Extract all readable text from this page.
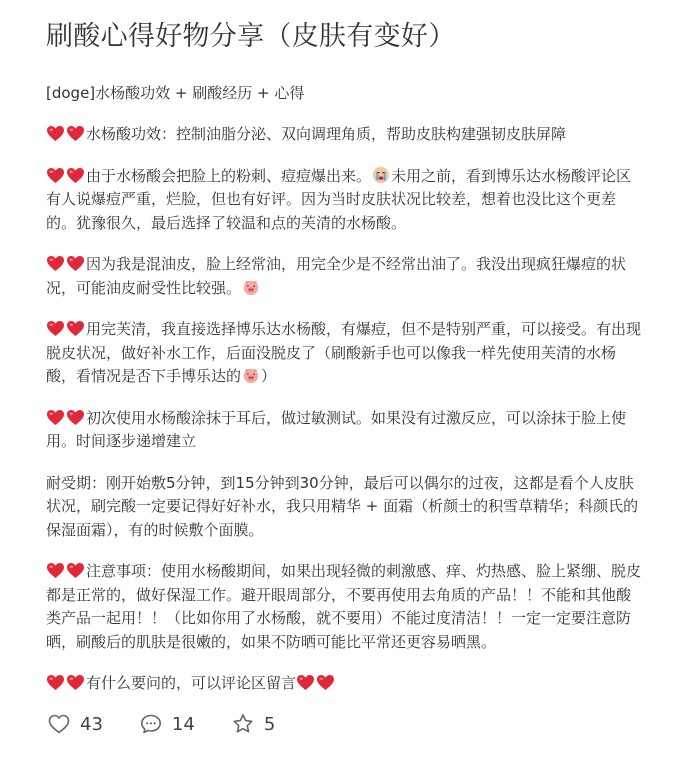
刷酸心得好物分享（皮肤有变好）
[doge]水杨酸功效 + 刷酸经历 + 心得

水杨酸功效：控制油脂分泌、双向调理角质，帮助皮肤构建强韧皮肤屏障

由于水杨酸会把脸上的粉刺、痘痘爆出来。 未用之前，看到博乐达水杨酸评论区有人说爆痘严重，烂脸，但也有好评。因为当时皮肤状况比较差，想着也没比这个更差的。犹豫很久，最后选择了较温和点的芙清的水杨酸。

因为我是混油皮，脸上经常油，用完全少是不经常出油了。我没出现疯狂爆痘的状况，可能油皮耐受性比较强。

用完芙清，我直接选择博乐达水杨酸，有爆痘，但不是特别严重，可以接受。有出现脱皮状况，做好补水工作，后面没脱皮了（刷酸新手也可以像我一样先使用芙清的水杨酸，看情况是否下手博乐达的 ）

初次使用水杨酸涂抹于耳后，做过敏测试。如果没有过激反应，可以涂抹于脸上使用。时间逐步递增建立

耐受期：刚开始敷5分钟，到15分钟到30分钟，最后可以偶尔的过夜，这都是看个人皮肤状况，刷完酸一定要记得好好补水，我只用精华 + 面霜（析颜士的积雪草精华；科颜氏的保湿面霜），有的时候敷个面膜。

注意事项：使用水杨酸期间，如果出现轻微的刺激感、痒、灼热感、脸上紧绷、脱皮都是正常的，做好保湿工作。避开眼周部分，不要再使用去角质的产品！！不能和其他酸类产品一起用！！（比如你用了水杨酸，就不要用）不能过度清洁！！一定一定要注意防晒，刷酸后的肌肤是很嫩的，如果不防晒可能比平常还更容易晒黑。

有什么要问的，可以评论区留言

43	14	5
